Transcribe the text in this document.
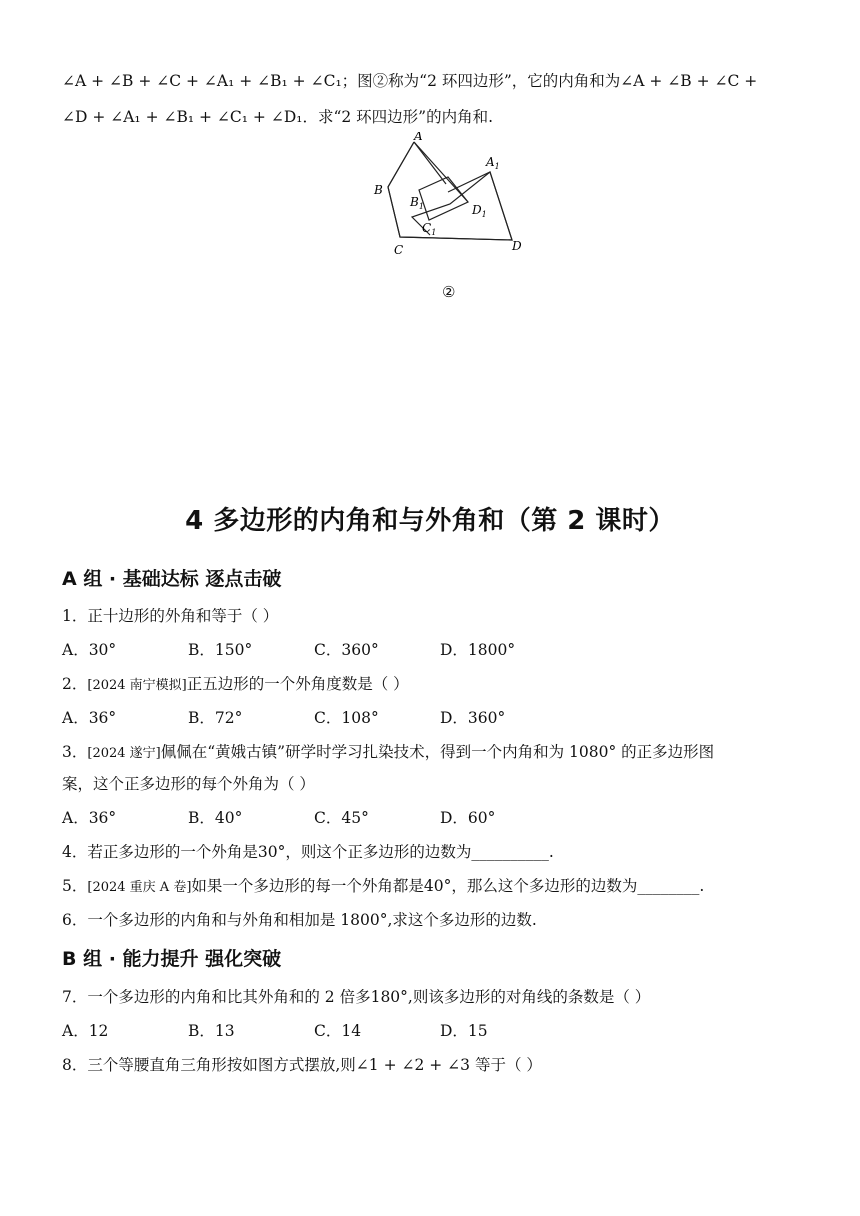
∠A + ∠B + ∠C + ∠A₁ + ∠B₁ + ∠C₁；图②称为“2 环四边形”，它的内角和为∠A + ∠B + ∠C +
∠D + ∠A₁ + ∠B₁ + ∠C₁ + ∠D₁．求“2 环四边形”的内角和.
A
B
C	D
$A_1$
$B_1$
$C_1$
$D_1$
②
4 多边形的内角和与外角和（第 2 课时）
A 组 · 基础达标 逐点击破
1．正十边形的外角和等于（ ）
A．30°	B．150°	C．360°	D．1800°
2．[2024 南宁模拟]正五边形的一个外角度数是（ ）
A．36°	B．72°	C．108°	D．360°
3．[2024 遂宁]佩佩在“黄娥古镇”研学时学习扎染技术，得到一个内角和为 1080° 的正多边形图
案，这个正多边形的每个外角为（ ）
A．36°	B．40°	C．45°	D．60°
4．若正多边形的一个外角是30°，则这个正多边形的边数为__________.
5．[2024 重庆 A 卷]如果一个多边形的每一个外角都是40°，那么这个多边形的边数为________.
6．一个多边形的内角和与外角和相加是 1800°,求这个多边形的边数.
B 组 · 能力提升 强化突破
7．一个多边形的内角和比其外角和的 2 倍多180°,则该多边形的对角线的条数是（ ）
A．12	B．13	C．14	D．15
8．三个等腰直角三角形按如图方式摆放,则∠1 + ∠2 + ∠3 等于（ ）
